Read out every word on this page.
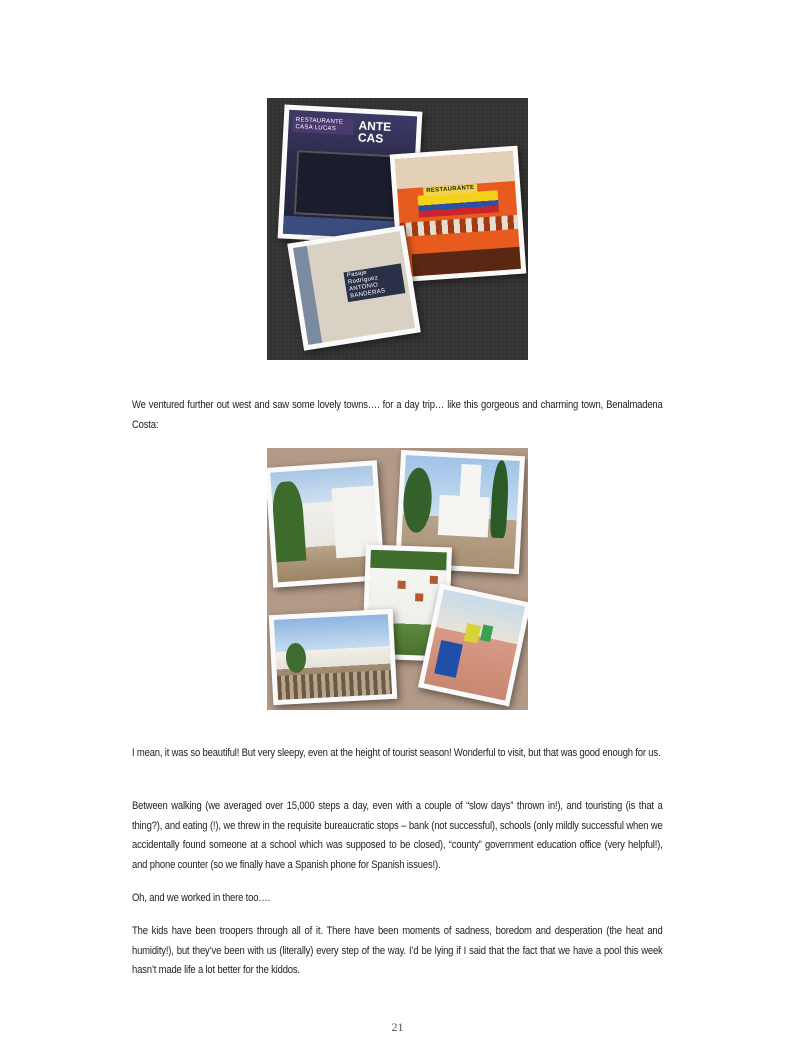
RESTAURANTE CASA LUCAS	ANTE CAS
RESTAURANTE
Pasaje Rodríguez ANTONIO BANDERAS

We ventured further out west and saw some lovely towns…. for a day trip… like this gorgeous and charming town, Benalmadena Costa:

I mean, it was so beautiful! But very sleepy, even at the height of tourist season! Wonderful to visit, but that was good enough for us.

Between walking (we averaged over 15,000 steps a day, even with a couple of “slow days” thrown in!), and touristing (is that a thing?), and eating (!), we threw in the requisite bureaucratic stops – bank (not successful), schools (only mildly successful when we accidentally found someone at a school which was supposed to be closed), “county” government education office (very helpful!), and phone counter (so we finally have a Spanish phone for Spanish issues!).

Oh, and we worked in there too….

The kids have been troopers through all of it. There have been moments of sadness, boredom and desperation (the heat and humidity!), but they’ve been with us (literally) every step of the way. I’d be lying if I said that the fact that we have a pool this week hasn’t made life a lot better for the kiddos.

21
